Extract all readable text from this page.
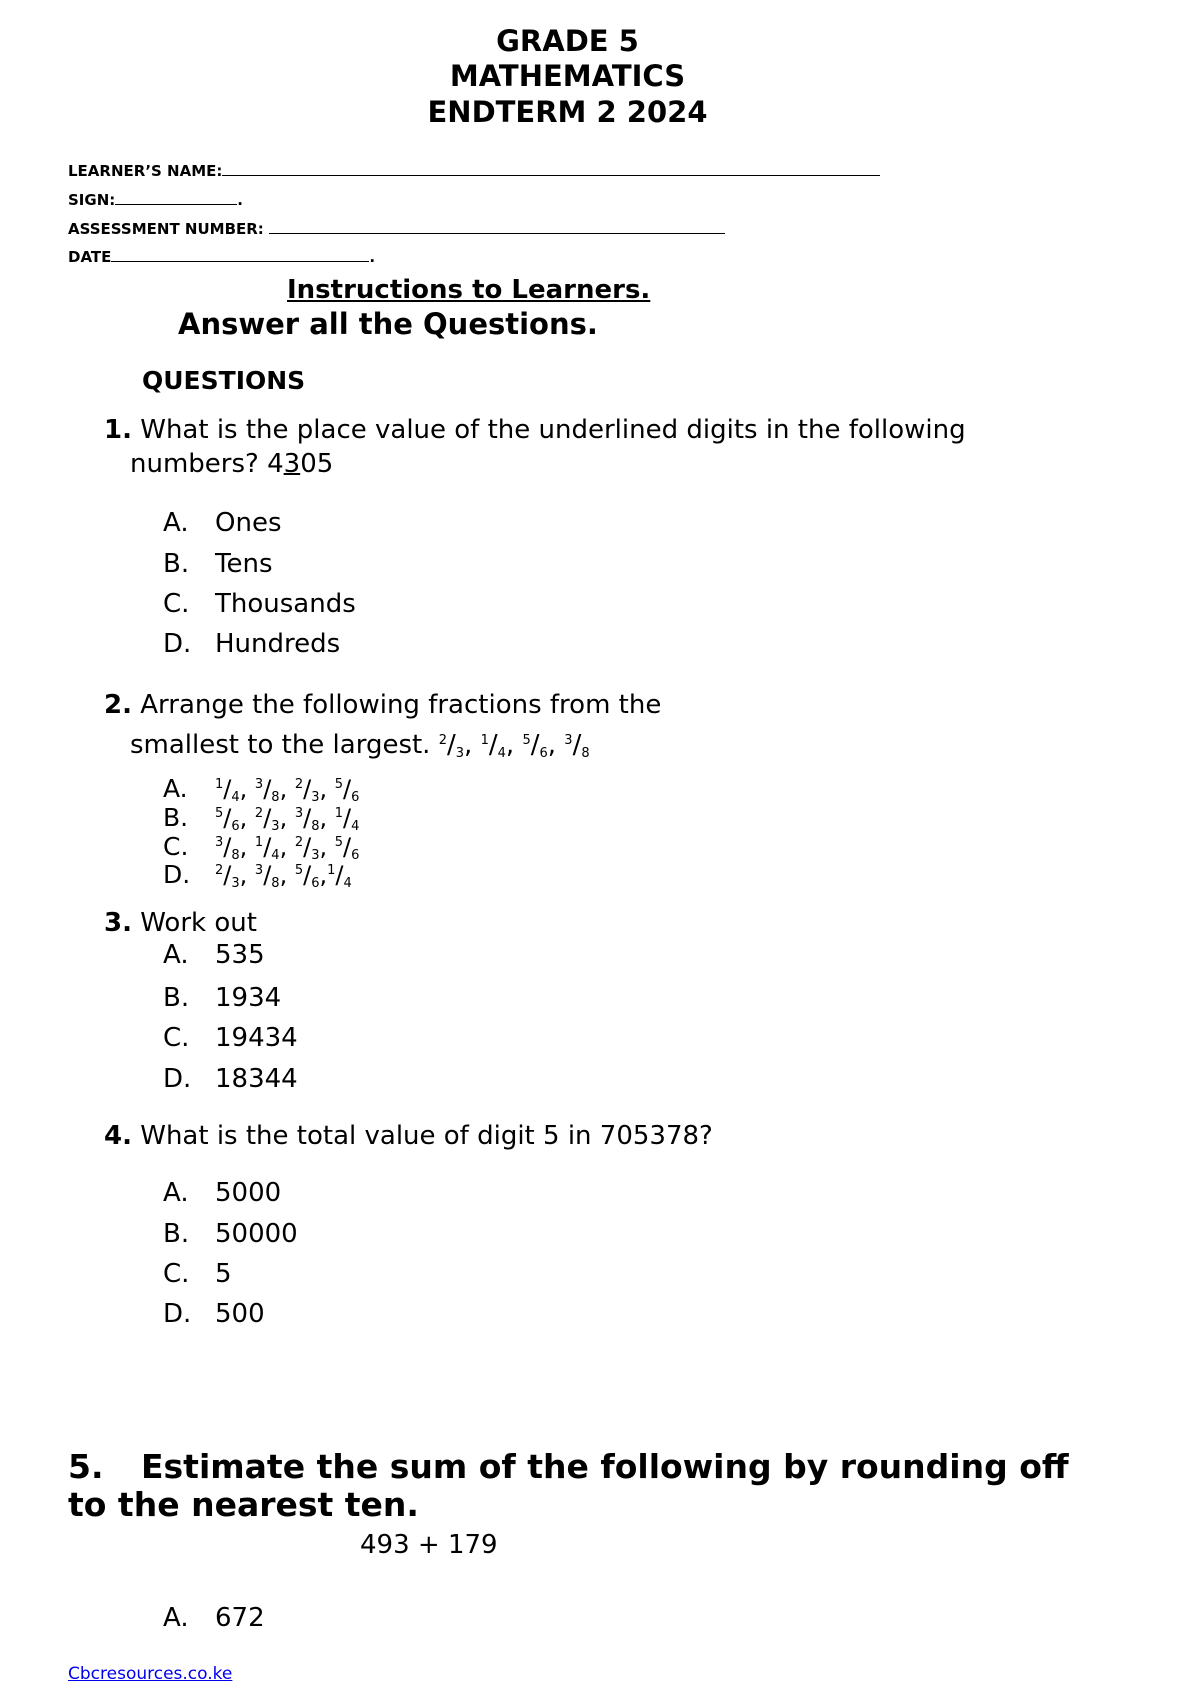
GRADE 5
MATHEMATICS
ENDTERM 2 2024
LEARNER’S NAME:
SIGN:	.
ASSESSMENT NUMBER:
DATE	.
Instructions to Learners.
Answer all the Questions.
QUESTIONS
1. What is the place value of the underlined digits in the following
numbers? 4305
A. Ones
B. Tens
C. Thousands
D. Hundreds
2. Arrange the following fractions from the
smallest to the largest. $^2/_3$, $^1/_4$, $^5/_6$, $^3/_8$
A. $^1/_4$, $^3/_8$, $^2/_3$, $^5/_6$
B. $^5/_6$, $^2/_3$, $^3/_8$, $^1/_4$
C. $^3/_8$, $^1/_4$, $^2/_3$, $^5/_6$
D. $^2/_3$, $^3/_8$, $^5/_6,^1/_4$
3. Work out
A. 535
B. 1934
C. 19434
D. 18344
4. What is the total value of digit 5 in 705378?
A. 5000
B. 50000
C. 5
D. 500
5. Estimate the sum of the following by rounding off
to the nearest ten.
493 + 179
A. 672
Cbcresources.co.ke
